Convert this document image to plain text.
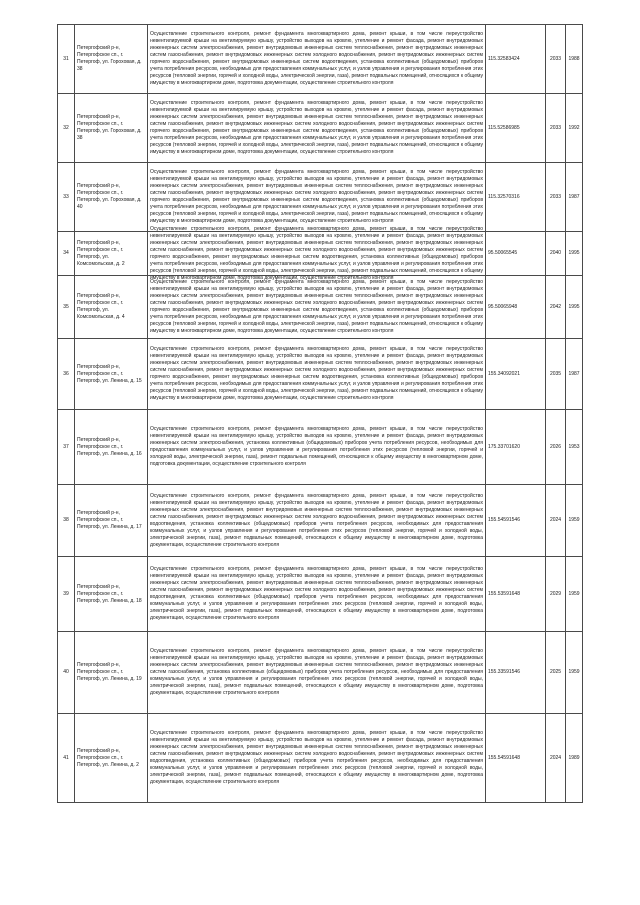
31
Петергофский р-н, Петергофское сп., г. Петергоф, ул. Гороховая, д. 38
Осуществление строительного контроля, ремонт фундамента многоквартирного дома, ремонт крыши, в том числе переустройство невентилируемой крыши на вентилируемую крышу, устройство выходов на кровлю, утепление и ремонт фасада, ремонт внутридомовых инженерных систем электроснабжения, ремонт внутридомовых инженерных систем теплоснабжения, ремонт внутридомовых инженерных систем газоснабжения, ремонт внутридомовых инженерных систем холодного водоснабжения, ремонт внутридомовых инженерных систем горячего водоснабжения, ремонт внутридомовых инженерных систем водоотведения, установка коллективных (общедомовых) приборов учета потребления ресурсов, необходимых для предоставления коммунальных услуг, и узлов управления и регулирования потребления этих ресурсов (тепловой энергии, горячей и холодной воды, электрической энергии, газа), ремонт подвальных помещений, относящихся к общему имуществу в многоквартирном доме, подготовка документации, осуществление строительного контроля
115.32583424	2033 1988
32
Петергофский р-н, Петергофское сп., г. Петергоф, ул. Гороховая, д. 38
Осуществление строительного контроля, ремонт фундамента многоквартирного дома, ремонт крыши, в том числе переустройство невентилируемой крыши на вентилируемую крышу, устройство выходов на кровлю, утепление и ремонт фасада, ремонт внутридомовых инженерных систем электроснабжения, ремонт внутридомовых инженерных систем теплоснабжения, ремонт внутридомовых инженерных систем газоснабжения, ремонт внутридомовых инженерных систем холодного водоснабжения, ремонт внутридомовых инженерных систем горячего водоснабжения, ремонт внутридомовых инженерных систем водоотведения, установка коллективных (общедомовых) приборов учета потребления ресурсов, необходимых для предоставления коммунальных услуг, и узлов управления и регулирования потребления этих ресурсов (тепловой энергии, горячей и холодной воды, электрической энергии, газа), ремонт подвальных помещений, относящихся к общему имуществу в многоквартирном доме, подготовка документации, осуществление строительного контроля
115.52586985	2033 1992
33
Петергофский р-н, Петергофское сп., г. Петергоф, ул. Гороховая, д. 40
Осуществление строительного контроля, ремонт фундамента многоквартирного дома, ремонт крыши, в том числе переустройство невентилируемой крыши на вентилируемую крышу, устройство выходов на кровлю, утепление и ремонт фасада, ремонт внутридомовых инженерных систем электроснабжения, ремонт внутридомовых инженерных систем теплоснабжения, ремонт внутридомовых инженерных систем газоснабжения, ремонт внутридомовых инженерных систем холодного водоснабжения, ремонт внутридомовых инженерных систем горячего водоснабжения, ремонт внутридомовых инженерных систем водоотведения, установка коллективных (общедомовых) приборов учета потребления ресурсов, необходимых для предоставления коммунальных услуг, и узлов управления и регулирования потребления этих ресурсов (тепловой энергии, горячей и холодной воды, электрической энергии, газа), ремонт подвальных помещений, относящихся к общему имуществу в многоквартирном доме, подготовка документации, осуществление строительного контроля
115.32570316	2033 1987
34
Петергофский р-н, Петергофское сп., г. Петергоф, ул. Комсомольская, д. 2
Осуществление строительного контроля, ремонт фундамента многоквартирного дома, ремонт крыши, в том числе переустройство невентилируемой крыши на вентилируемую крышу, устройство выходов на кровлю, утепление и ремонт фасада, ремонт внутридомовых инженерных систем электроснабжения, ремонт внутридомовых инженерных систем теплоснабжения, ремонт внутридомовых инженерных систем газоснабжения, ремонт внутридомовых инженерных систем холодного водоснабжения, ремонт внутридомовых инженерных систем горячего водоснабжения, ремонт внутридомовых инженерных систем водоотведения, установка коллективных (общедомовых) приборов учета потребления ресурсов, необходимых для предоставления коммунальных услуг, и узлов управления и регулирования потребления этих ресурсов (тепловой энергии, горячей и холодной воды, электрической энергии, газа), ремонт подвальных помещений, относящихся к общему имуществу в многоквартирном доме, подготовка документации, осуществление строительного контроля
95.50065545	2040 1995
35
Петергофский р-н, Петергофское сп., г. Петергоф, ул. Комсомольская, д. 4
Осуществление строительного контроля, ремонт фундамента многоквартирного дома, ремонт крыши, в том числе переустройство невентилируемой крыши на вентилируемую крышу, устройство выходов на кровлю, утепление и ремонт фасада, ремонт внутридомовых инженерных систем электроснабжения, ремонт внутридомовых инженерных систем теплоснабжения, ремонт внутридомовых инженерных систем газоснабжения, ремонт внутридомовых инженерных систем холодного водоснабжения, ремонт внутридомовых инженерных систем горячего водоснабжения, ремонт внутридомовых инженерных систем водоотведения, установка коллективных (общедомовых) приборов учета потребления ресурсов, необходимых для предоставления коммунальных услуг, и узлов управления и регулирования потребления этих ресурсов (тепловой энергии, горячей и холодной воды, электрической энергии, газа), ремонт подвальных помещений, относящихся к общему имуществу в многоквартирном доме, подготовка документации, осуществление строительного контроля
95.50065948	2042 1995
36
Петергофский р-н, Петергофское сп., г. Петергоф, ул. Ленина, д. 15
Осуществление строительного контроля, ремонт фундамента многоквартирного дома, ремонт крыши, в том числе переустройство невентилируемой крыши на вентилируемую крышу, устройство выходов на кровлю, утепление и ремонт фасада, ремонт внутридомовых инженерных систем электроснабжения, ремонт внутридомовых инженерных систем теплоснабжения, ремонт внутридомовых инженерных систем газоснабжения, ремонт внутридомовых инженерных систем холодного водоснабжения, ремонт внутридомовых инженерных систем горячего водоснабжения, ремонт внутридомовых инженерных систем водоотведения, установка коллективных (общедомовых) приборов учета потребления ресурсов, необходимых для предоставления коммунальных услуг, и узлов управления и регулирования потребления этих ресурсов (тепловой энергии, горячей и холодной воды, электрической энергии, газа), ремонт подвальных помещений, относящихся к общему имуществу в многоквартирном доме, подготовка документации, осуществление строительного контроля
155.34092021	2035 1987
37
Петергофский р-н, Петергофское сп., г. Петергоф, ул. Ленина, д. 16
Осуществление строительного контроля, ремонт фундамента многоквартирного дома, ремонт крыши, в том числе переустройство невентилируемой крыши на вентилируемую крышу, устройство выходов на кровлю, утепление и ремонт фасада, ремонт внутридомовых инженерных систем электроснабжения, установка коллективных (общедомовых) приборов учета потребления ресурсов, необходимых для предоставления коммунальных услуг, и узлов управления и регулирования потребления этих ресурсов (тепловой энергии, горячей и холодной воды, электрической энергии, газа), ремонт подвальных помещений, относящихся к общему имуществу в многоквартирном доме, подготовка документации, осуществление строительного контроля
175.33701620	2026 1953
38
Петергофский р-н, Петергофское сп., г. Петергоф, ул. Ленина, д. 17
Осуществление строительного контроля, ремонт фундамента многоквартирного дома, ремонт крыши, в том числе переустройство невентилируемой крыши на вентилируемую крышу, устройство выходов на кровлю, утепление и ремонт фасада, ремонт внутридомовых инженерных систем электроснабжения, ремонт внутридомовых инженерных систем теплоснабжения, ремонт внутридомовых инженерных систем газоснабжения, ремонт внутридомовых инженерных систем холодного водоснабжения, ремонт внутридомовых инженерных систем водоотведения, установка коллективных (общедомовых) приборов учета потребления ресурсов, необходимых для предоставления коммунальных услуг, и узлов управления и регулирования потребления этих ресурсов (тепловой энергии, горячей и холодной воды, электрической энергии, газа), ремонт подвальных помещений, относящихся к общему имуществу в многоквартирном доме, подготовка документации, осуществление строительного контроля
155.54591546	2024 1959
39
Петергофский р-н, Петергофское сп., г. Петергоф, ул. Ленина, д. 18
Осуществление строительного контроля, ремонт фундамента многоквартирного дома, ремонт крыши, в том числе переустройство невентилируемой крыши на вентилируемую крышу, устройство выходов на кровлю, утепление и ремонт фасада, ремонт внутридомовых инженерных систем электроснабжения, ремонт внутридомовых инженерных систем теплоснабжения, ремонт внутридомовых инженерных систем газоснабжения, ремонт внутридомовых инженерных систем холодного водоснабжения, ремонт внутридомовых инженерных систем водоотведения, установка коллективных (общедомовых) приборов учета потребления ресурсов, необходимых для предоставления коммунальных услуг, и узлов управления и регулирования потребления этих ресурсов (тепловой энергии, горячей и холодной воды, электрической энергии, газа), ремонт подвальных помещений, относящихся к общему имуществу в многоквартирном доме, подготовка документации, осуществление строительного контроля
155.53591648	2029 1959
40
Петергофский р-н, Петергофское сп., г. Петергоф, ул. Ленина, д. 19
Осуществление строительного контроля, ремонт фундамента многоквартирного дома, ремонт крыши, в том числе переустройство невентилируемой крыши на вентилируемую крышу, устройство выходов на кровлю, утепление и ремонт фасада, ремонт внутридомовых инженерных систем электроснабжения, ремонт внутридомовых инженерных систем теплоснабжения, ремонт внутридомовых инженерных систем газоснабжения, установка коллективных (общедомовых) приборов учета потребления ресурсов, необходимых для предоставления коммунальных услуг, и узлов управления и регулирования потребления этих ресурсов (тепловой энергии, горячей и холодной воды, электрической энергии, газа), ремонт подвальных помещений, относящихся к общему имуществу в многоквартирном доме, подготовка документации, осуществление строительного контроля
155.33591546	2025 1959
41
Петергофский р-н, Петергофское сп., г. Петергоф, ул. Ленина, д. 2
Осуществление строительного контроля, ремонт фундамента многоквартирного дома, ремонт крыши, в том числе переустройство невентилируемой крыши на вентилируемую крышу, устройство выходов на кровлю, утепление и ремонт фасада, ремонт внутридомовых инженерных систем электроснабжения, ремонт внутридомовых инженерных систем теплоснабжения, ремонт внутридомовых инженерных систем газоснабжения, ремонт внутридомовых инженерных систем холодного водоснабжения, ремонт внутридомовых инженерных систем водоотведения, установка коллективных (общедомовых) приборов учета потребления ресурсов, необходимых для предоставления коммунальных услуг, и узлов управления и регулирования потребления этих ресурсов (тепловой энергии, горячей и холодной воды, электрической энергии, газа), ремонт подвальных помещений, относящихся к общему имуществу в многоквартирном доме, подготовка документации, осуществление строительного контроля
155.54591648	2024 1989
